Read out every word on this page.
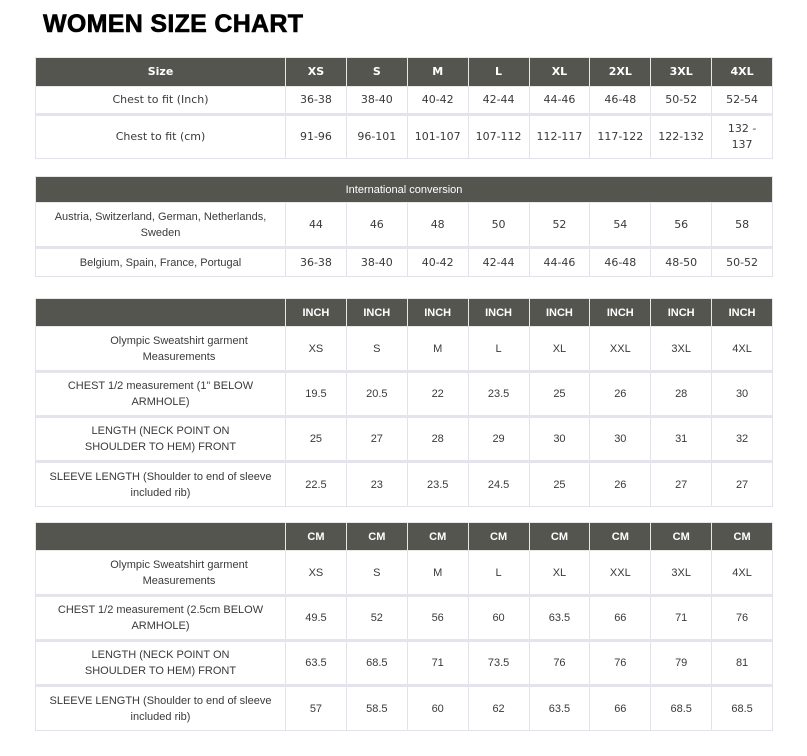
WOMEN SIZE CHART
Size	XS	S	M	L	XL	2XL	3XL	4XL
Chest to fit (Inch)	36-38	38-40	40-42	42-44	44-46	46-48	50-52	52-54
Chest to fit (cm)	91-96	96-101	101-107	107-112	112-117	117-122	122-132	132 - 137
International conversion								
Austria, Switzerland, German, Netherlands, Sweden	44	46	48	50	52	54	56	58
Belgium, Spain, France, Portugal	36-38	38-40	40-42	42-44	44-46	46-48	48-50	50-52
	INCH	INCH	INCH	INCH	INCH	INCH	INCH	INCH
Olympic Sweatshirt garment Measurements	XS	S	M	L	XL	XXL	3XL	4XL
CHEST 1/2 measurement (1" BELOW ARMHOLE)	19.5	20.5	22	23.5	25	26	28	30
LENGTH (NECK POINT ON SHOULDER TO HEM) FRONT	25	27	28	29	30	30	31	32
SLEEVE LENGTH (Shoulder to end of sleeve included rib)	22.5	23	23.5	24.5	25	26	27	27
	CM	CM	CM	CM	CM	CM	CM	CM
Olympic Sweatshirt garment Measurements	XS	S	M	L	XL	XXL	3XL	4XL
CHEST 1/2 measurement (2.5cm BELOW ARMHOLE)	49.5	52	56	60	63.5	66	71	76
LENGTH (NECK POINT ON SHOULDER TO HEM) FRONT	63.5	68.5	71	73.5	76	76	79	81
SLEEVE LENGTH (Shoulder to end of sleeve included rib)	57	58.5	60	62	63.5	66	68.5	68.5
